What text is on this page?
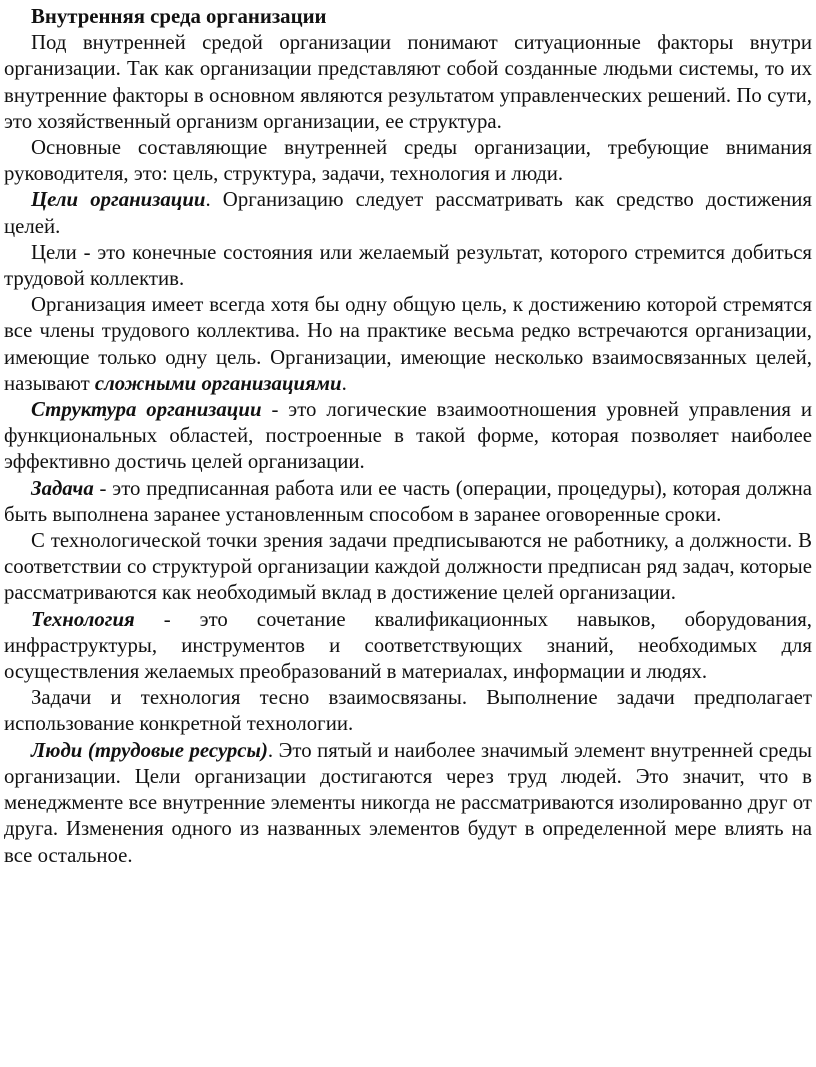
Внутренняя среда организации

Под внутренней средой организации понимают ситуационные факторы внутри организации. Так как организации представляют собой созданные людьми системы, то их внутренние факторы в основном являются результатом управленческих решений. По сути, это хозяйственный организм организации, ее структура.

Основные составляющие внутренней среды организации, требующие внимания руководителя, это: цель, структура, задачи, технология и люди.

Цели организации. Организацию следует рассматривать как средство достижения целей.

Цели - это конечные состояния или желаемый результат, которого стремится добиться трудовой коллектив.

Организация имеет всегда хотя бы одну общую цель, к достижению которой стремятся все члены трудового коллектива. Но на практике весьма редко встречаются организации, имеющие только одну цель. Организации, имеющие несколько взаимосвязанных целей, называют сложными организациями.

Структура организации - это логические взаимоотношения уровней управления и функциональных областей, построенные в такой форме, которая позволяет наиболее эффективно достичь целей организации.

Задача - это предписанная работа или ее часть (операции, процедуры), которая должна быть выполнена заранее установленным способом в заранее оговоренные сроки.

С технологической точки зрения задачи предписываются не работнику, а должности. В соответствии со структурой организации каждой должности предписан ряд задач, которые рассматриваются как необходимый вклад в достижение целей организации.

Технология - это сочетание квалификационных навыков, оборудования, инфраструктуры, инструментов и соответствующих знаний, необходимых для осуществления желаемых преобразований в материалах, информации и людях.

Задачи и технология тесно взаимосвязаны. Выполнение задачи предполагает использование конкретной технологии.

Люди (трудовые ресурсы). Это пятый и наиболее значимый элемент внутренней среды организации. Цели организации достигаются через труд людей. Это значит, что в менеджменте все внутренние элементы никогда не рассматриваются изолированно друг от друга. Изменения одного из названных элементов будут в определенной мере влиять на все остальное.
